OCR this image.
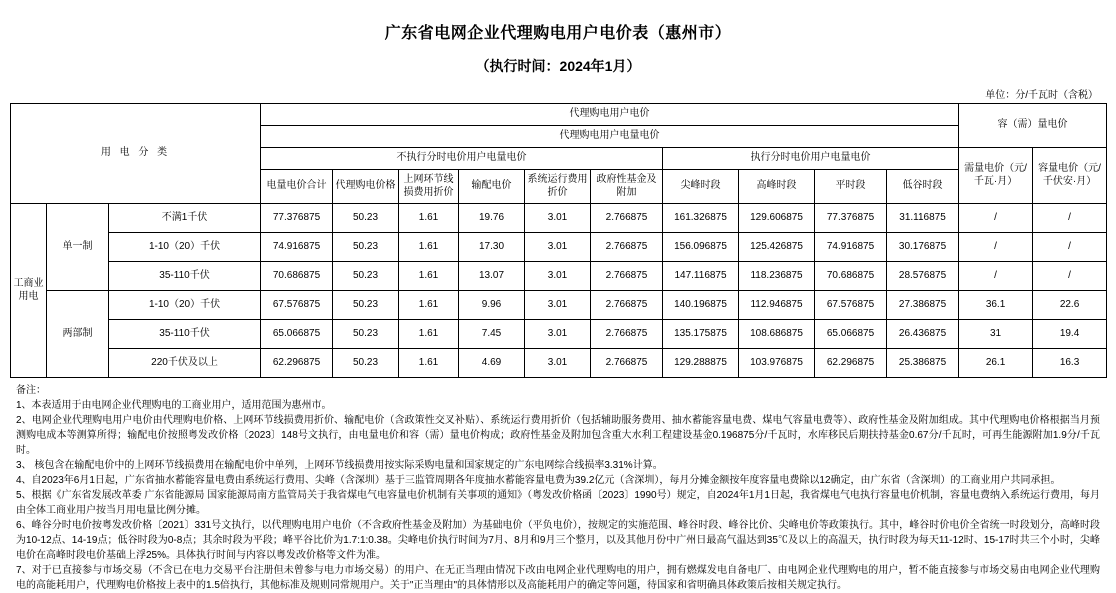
广东省电网企业代理购电用户电价表（惠州市）
（执行时间：2024年1月）
单位：分/千瓦时（含税）
用 电 分 类			代理购电用户电价										容（需）量电价	
			代理购电用户电量电价											
			不执行分时电价用户电量电价						执行分时电价用户电量电价				需量电价（元/千瓦·月）	容量电价（元/千伏安·月）
			电量电价合计	代理购电价格	上网环节线损费用折价	输配电价	系统运行费用折价	政府性基金及附加	尖峰时段	高峰时段	平时段	低谷时段		
工商业用电	单一制	不满1千伏	77.376875	50.23	1.61	19.76	3.01	2.766875	161.326875	129.606875	77.376875	31.116875	/	/
		1-10（20）千伏	74.916875	50.23	1.61	17.30	3.01	2.766875	156.096875	125.426875	74.916875	30.176875	/	/
		35-110千伏	70.686875	50.23	1.61	13.07	3.01	2.766875	147.116875	118.236875	70.686875	28.576875	/	/
	两部制	1-10（20）千伏	67.576875	50.23	1.61	9.96	3.01	2.766875	140.196875	112.946875	67.576875	27.386875	36.1	22.6
		35-110千伏	65.066875	50.23	1.61	7.45	3.01	2.766875	135.175875	108.686875	65.066875	26.436875	31	19.4
		220千伏及以上	62.296875	50.23	1.61	4.69	3.01	2.766875	129.288875	103.976875	62.296875	25.386875	26.1	16.3
备注：
1、本表适用于由电网企业代理购电的工商业用户，适用范围为惠州市。
2、电网企业代理购电用户电价由代理购电价格、上网环节线损费用折价、输配电价（含政策性交叉补贴）、系统运行费用折价（包括辅助服务费用、抽水蓄能容量电费、煤电气容量电费等）、政府性基金及附加组成。其中代理购电价格根据当月预测购电成本等测算所得；输配电价按照粤发改价格〔2023〕148号文执行，由电量电价和容（需）量电价构成；政府性基金及附加包含重大水利工程建设基金0.196875分/千瓦时，水库移民后期扶持基金0.67分/千瓦时，可再生能源附加1.9分/千瓦时。
3、 核包含在输配电价中的上网环节线损费用在输配电价中单列，上网环节线损费用按实际采购电量和国家规定的广东电网综合线损率3.31%计算。
4、自2023年6月1日起，广东省抽水蓄能容量电费由系统运行费用、尖峰（含深圳）基于三监管周期各年度抽水蓄能容量电费为39.2亿元（含深圳），每月分摊金额按年度容量电费除以12确定，由广东省（含深圳）的工商业用户共同承担。
5、根据《广东省发展改革委 广东省能源局 国家能源局南方监管局关于我省煤电气电容量电价机制有关事项的通知》（粤发改价格函〔2023〕1990号）规定，自2024年1月1日起，我省煤电气电执行容量电价机制，容量电费纳入系统运行费用，每月由全体工商业用户按当月用电量比例分摊。
6、峰谷分时电价按粤发改价格〔2021〕331号文执行，以代理购电用户电价（不含政府性基金及附加）为基础电价（平负电价），按规定的实施范围、峰谷时段、峰谷比价、尖峰电价等政策执行。其中，峰谷时价电价全省统一时段划分，高峰时段为10-12点、14-19点；低谷时段为0-8点；其余时段为平段；峰平谷比价为1.7:1:0.38。尖峰电价执行时间为7月、8月和9月三个整月，以及其他月份中广州日最高气温达到35℃及以上的高温天，执行时段为每天11-12时、15-17时共三个小时，尖峰电价在高峰时段电价基础上浮25%。具体执行时间与内容以粤发改价格等文件为准。
7、对于已直接参与市场交易（不含已在电力交易平台注册但未曾参与电力市场交易）的用户、在无正当理由情况下改由电网企业代理购电的用户，拥有燃煤发电自备电厂、由电网企业代理购电的用户，暂不能直接参与市场交易由电网企业代理购电的高能耗用户，代理购电价格按上表中的1.5倍执行，其他标准及规则同常规用户。关于"正当理由"的具体情形以及高能耗用户的确定等问题，待国家和省明确具体政策后按相关规定执行。
